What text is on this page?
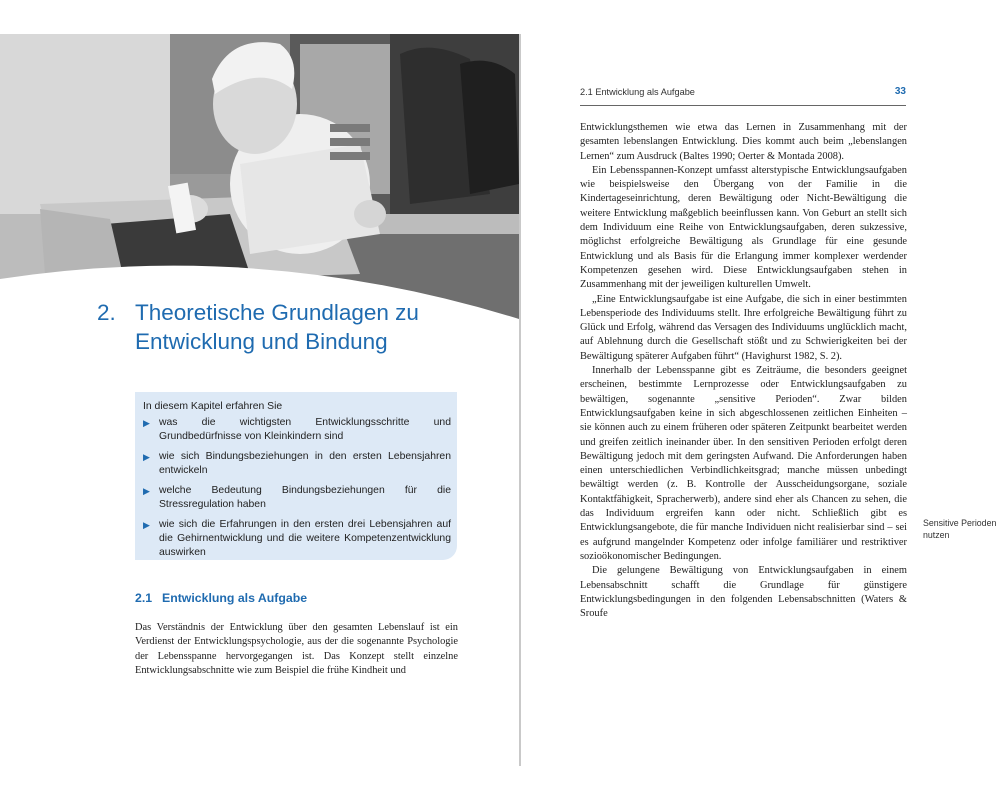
2. Theoretische Grundlagen zu
Entwicklung und Bindung
In diesem Kapitel erfahren Sie
▶ was die wichtigsten Entwicklungsschritte und Grundbedürfnisse von Kleinkindern sind
▶ wie sich Bindungsbeziehungen in den ersten Lebensjahren entwickeln
▶ welche Bedeutung Bindungsbeziehungen für die Stressregulation haben
▶ wie sich die Erfahrungen in den ersten drei Lebensjahren auf die Gehirnentwicklung und die weitere Kompetenzentwicklung auswirken
2.1 Entwicklung als Aufgabe

Das Verständnis der Entwicklung über den gesamten Lebenslauf ist ein Verdienst der Entwicklungspsychologie, aus der die sogenannte Psychologie der Lebensspanne hervorgegangen ist. Das Konzept stellt einzelne Entwicklungsabschnitte wie zum Beispiel die frühe Kindheit und

2.1 Entwicklung als Aufgabe	33

Entwicklungsthemen wie etwa das Lernen in Zusammenhang mit der gesamten lebenslangen Entwicklung. Dies kommt auch beim „lebenslangen Lernen“ zum Ausdruck (Baltes 1990; Oerter & Montada 2008).

Ein Lebensspannen-Konzept umfasst alterstypische Entwicklungsaufgaben wie beispielsweise den Übergang von der Familie in die Kindertageseinrichtung, deren Bewältigung oder Nicht-Bewältigung die weitere Entwicklung maßgeblich beeinflussen kann. Von Geburt an stellt sich dem Individuum eine Reihe von Entwicklungsaufgaben, deren sukzessive, möglichst erfolgreiche Bewältigung als Grundlage für eine gesunde Entwicklung und als Basis für die Erlangung immer komplexer werdender Kompetenzen gesehen wird. Diese Entwicklungsaufgaben stehen in Zusammenhang mit der jeweiligen kulturellen Umwelt.

„Eine Entwicklungsaufgabe ist eine Aufgabe, die sich in einer bestimmten Lebensperiode des Individuums stellt. Ihre erfolgreiche Bewältigung führt zu Glück und Erfolg, während das Versagen des Individuums unglücklich macht, auf Ablehnung durch die Gesellschaft stößt und zu Schwierigkeiten bei der Bewältigung späterer Aufgaben führt“ (Havighurst 1982, S. 2).

Innerhalb der Lebensspanne gibt es Zeiträume, die besonders geeignet erscheinen, bestimmte Lernprozesse oder Entwicklungsaufgaben zu bewältigen, sogenannte „sensitive Perioden“. Zwar bilden Entwicklungsaufgaben keine in sich abgeschlossenen zeitlichen Einheiten – sie können auch zu einem früheren oder späteren Zeitpunkt bearbeitet werden und greifen zeitlich ineinander über. In den sensitiven Perioden erfolgt deren Bewältigung jedoch mit dem geringsten Aufwand. Die Anforderungen haben einen unterschiedlichen Verbindlichkeitsgrad; manche müssen unbedingt bewältigt werden (z. B. Kontrolle der Ausscheidungsorgane, soziale Kontaktfähigkeit, Spracherwerb), andere sind eher als Chancen zu sehen, die das Individuum ergreifen kann oder nicht. Schließlich gibt es Entwicklungsangebote, die für manche Individuen nicht realisierbar sind – sei es aufgrund mangelnder Kompetenz oder infolge familiärer und restriktiver sozioökonomischer Bedingungen.

Die gelungene Bewältigung von Entwicklungsaufgaben in einem Lebensabschnitt schafft die Grundlage für günstigere Entwicklungsbedingungen in den folgenden Lebensabschnitten (Waters & Sroufe

Sensitive Perioden nutzen
